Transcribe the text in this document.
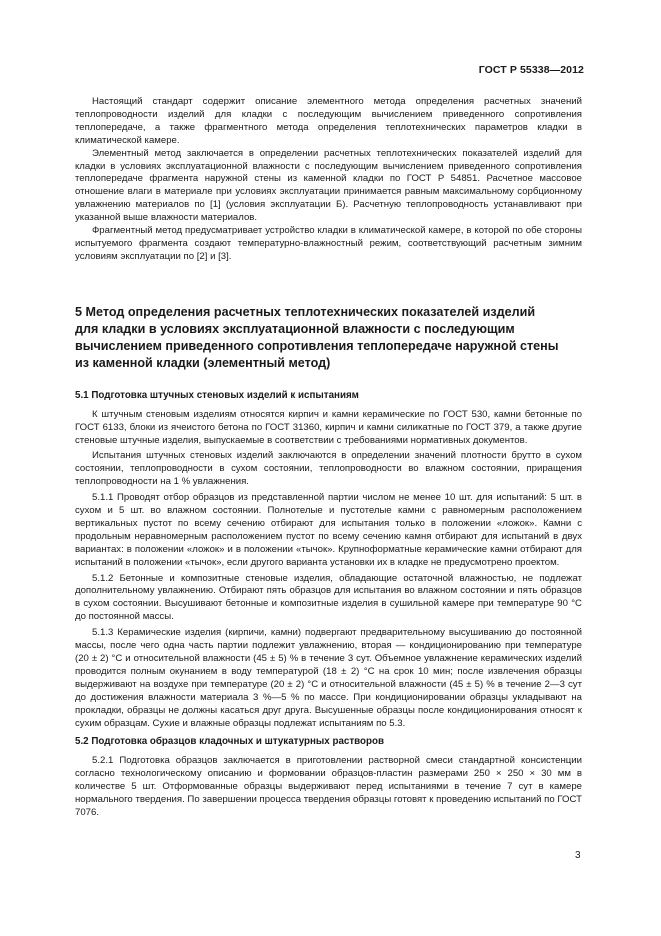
ГОСТ Р 55338—2012

Настоящий стандарт содержит описание элементного метода определения расчетных значений теплопроводности изделий для кладки с последующим вычислением приведенного сопротивления теплопередаче, а также фрагментного метода определения теплотехнических параметров кладки в климатической камере.

Элементный метод заключается в определении расчетных теплотехнических показателей изделий для кладки в условиях эксплуатационной влажности с последующим вычислением приведенного сопротивления теплопередаче фрагмента наружной стены из каменной кладки по ГОСТ Р 54851. Расчетное массовое отношение влаги в материале при условиях эксплуатации принимается равным максимальному сорбционному увлажнению материалов по [1] (условия эксплуатации Б). Расчетную теплопроводность устанавливают при указанной выше влажности материалов.

Фрагментный метод предусматривает устройство кладки в климатической камере, в которой по обе стороны испытуемого фрагмента создают температурно-влажностный режим, соответствующий расчетным зимним условиям эксплуатации по [2] и [3].

5 Метод определения расчетных теплотехнических показателей изделий
для кладки в условиях эксплуатационной влажности с последующим
вычислением приведенного сопротивления теплопередаче наружной стены
из каменной кладки (элементный метод)
5.1 Подготовка штучных стеновых изделий к испытаниям

К штучным стеновым изделиям относятся кирпич и камни керамические по ГОСТ 530, камни бетонные по ГОСТ 6133, блоки из ячеистого бетона по ГОСТ 31360, кирпич и камни силикатные по ГОСТ 379, а также другие стеновые штучные изделия, выпускаемые в соответствии с требованиями нормативных документов.

Испытания штучных стеновых изделий заключаются в определении значений плотности брутто в сухом состоянии, теплопроводности в сухом состоянии, теплопроводности во влажном состоянии, приращения теплопроводности на 1 % увлажнения.

5.1.1 Проводят отбор образцов из представленной партии числом не менее 10 шт. для испытаний: 5 шт. в сухом и 5 шт. во влажном состоянии. Полнотелые и пустотелые камни с равномерным расположением вертикальных пустот по всему сечению отбирают для испытания только в положении «ложок». Камни с продольным неравномерным расположением пустот по всему сечению камня отбирают для испытаний в двух вариантах: в положении «ложок» и в положении «тычок». Крупноформатные керамические камни отбирают для испытаний в положении «тычок», если другого варианта установки их в кладке не предусмотрено проектом.

5.1.2 Бетонные и композитные стеновые изделия, обладающие остаточной влажностью, не подлежат дополнительному увлажнению. Отбирают пять образцов для испытания во влажном состоянии и пять образцов в сухом состоянии. Высушивают бетонные и композитные изделия в сушильной камере при температуре 90 °С до постоянной массы.

5.1.3 Керамические изделия (кирпичи, камни) подвергают предварительному высушиванию до постоянной массы, после чего одна часть партии подлежит увлажнению, вторая — кондиционированию при температуре (20 ± 2) °С и относительной влажности (45 ± 5) % в течение 3 сут. Объемное увлажнение керамических изделий проводится полным окунанием в воду температурой (18 ± 2) °С на срок 10 мин; после извлечения образцы выдерживают на воздухе при температуре (20 ± 2) °С и относительной влажности (45 ± 5) % в течение 2—3 сут до достижения влажности материала 3 %—5 % по массе. При кондиционировании образцы укладывают на прокладки, образцы не должны касаться друг друга. Высушенные образцы после кондиционирования относят к сухим образцам. Сухие и влажные образцы подлежат испытаниям по 5.3.

5.2 Подготовка образцов кладочных и штукатурных растворов

5.2.1 Подготовка образцов заключается в приготовлении растворной смеси стандартной консистенции согласно технологическому описанию и формовании образцов-пластин размерами 250 × 250 × 30 мм в количестве 5 шт. Отформованные образцы выдерживают перед испытаниями в течение 7 сут в камере нормального твердения. По завершении процесса твердения образцы готовят к проведению испытаний по ГОСТ 7076.

3
